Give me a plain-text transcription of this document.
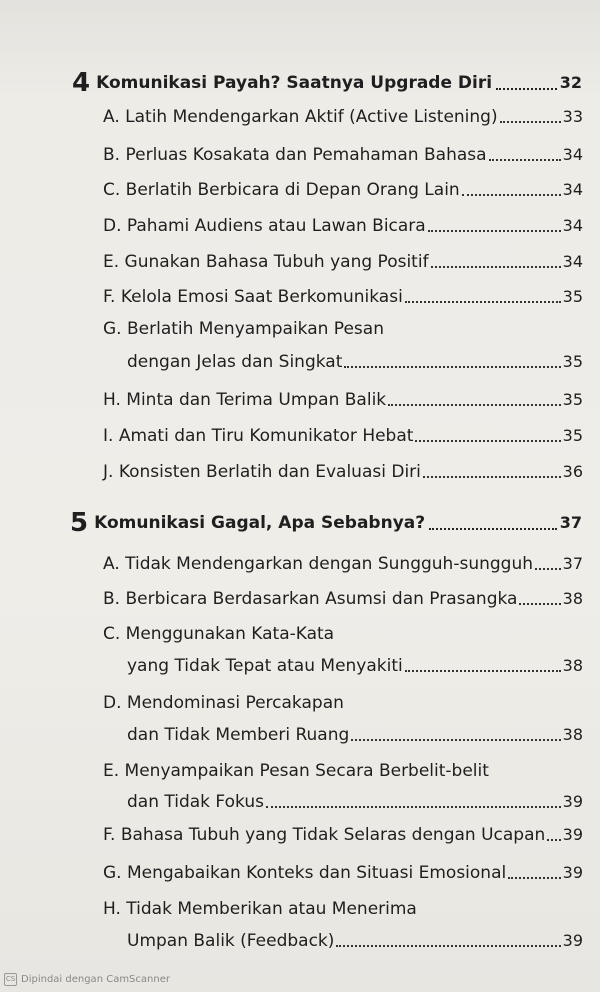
4 Komunikasi Payah? Saatnya Upgrade Diri	32
A. Latih Mendengarkan Aktif (Active Listening)	33
B. Perluas Kosakata dan Pemahaman Bahasa	34
C. Berlatih Berbicara di Depan Orang Lain	34
D. Pahami Audiens atau Lawan Bicara	34
E. Gunakan Bahasa Tubuh yang Positif	34
F. Kelola Emosi Saat Berkomunikasi	35
G. Berlatih Menyampaikan Pesan
dengan Jelas dan Singkat	35
H. Minta dan Terima Umpan Balik	35
I. Amati dan Tiru Komunikator Hebat	35
J. Konsisten Berlatih dan Evaluasi Diri	36
5 Komunikasi Gagal, Apa Sebabnya?	37
A. Tidak Mendengarkan dengan Sungguh-sungguh 37
B. Berbicara Berdasarkan Asumsi dan Prasangka	38
C. Menggunakan Kata-Kata
yang Tidak Tepat atau Menyakiti	38
D. Mendominasi Percakapan
dan Tidak Memberi Ruang	38
E. Menyampaikan Pesan Secara Berbelit-belit
dan Tidak Fokus	39
F. Bahasa Tubuh yang Tidak Selaras dengan Ucapan 39
G. Mengabaikan Konteks dan Situasi Emosional	39
H. Tidak Memberikan atau Menerima
Umpan Balik (Feedback)	39
CS Dipindai dengan CamScanner
